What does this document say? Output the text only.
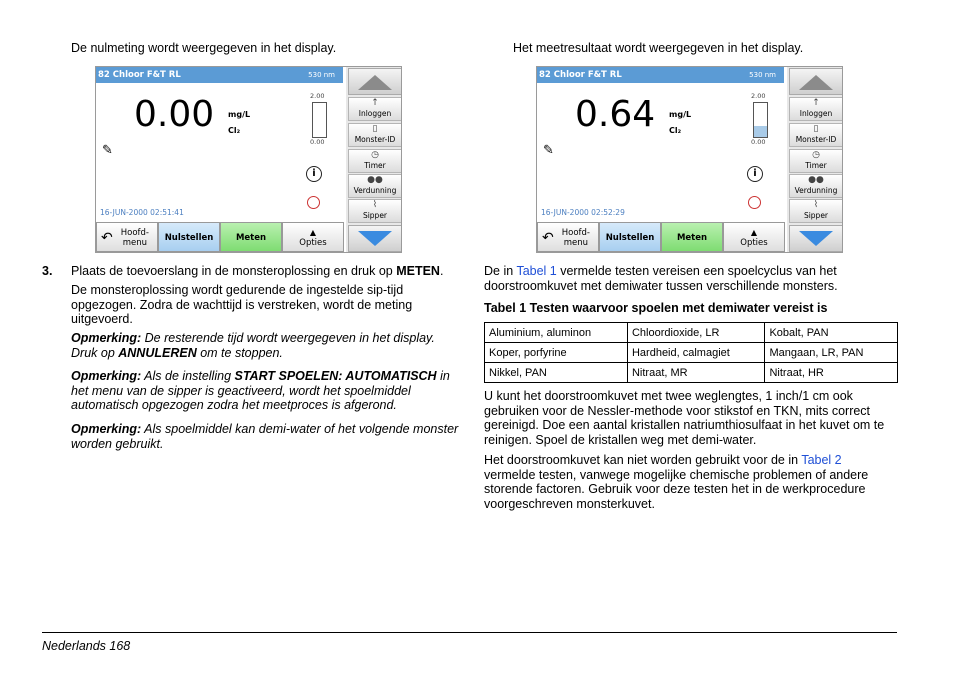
De nulmeting wordt weergegeven in het display.

82 Chloor F&T RL	530 nm
0.00 mg/L
Cl₂
2.00
0.00
✎
i
16-JUN-2000 02:51:41
↑
Inloggen
▯
Monster-ID
◷
Timer
●●
Verdunning
⌇
Sipper
↶ Hoofd-
menu	Nulstellen	Meten
▲
Opties

3. Plaats de toevoerslang in de monsteroplossing en druk op METEN.

De monsteroplossing wordt gedurende de ingestelde sip-tijd opgezogen. Zodra de wachttijd is verstreken, wordt de meting uitgevoerd.

Opmerking: De resterende tijd wordt weergegeven in het display. Druk op ANNULEREN om te stoppen.

Opmerking: Als de instelling START SPOELEN: AUTOMATISCH in het menu van de sipper is geactiveerd, wordt het spoelmiddel automatisch opgezogen zodra het meetproces is afgerond.

Opmerking: Als spoelmiddel kan demi-water of het volgende monster worden gebruikt.

Het meetresultaat wordt weergegeven in het display.

82 Chloor F&T RL	530 nm
0.64 mg/L
Cl₂
2.00
0.00
✎
i
16-JUN-2000 02:52:29
↑
Inloggen
▯
Monster-ID
◷
Timer
●●
Verdunning
⌇
Sipper
↶ Hoofd-
menu	Nulstellen	Meten
▲
Opties

De in Tabel 1 vermelde testen vereisen een spoelcyclus van het doorstroomkuvet met demiwater tussen verschillende monsters.

Tabel 1 Testen waarvoor spoelen met demiwater vereist is

Aluminium, aluminon	Chloordioxide, LR	Kobalt, PAN
Koper, porfyrine	Hardheid, calmagiet	Mangaan, LR, PAN
Nikkel, PAN	Nitraat, MR	Nitraat, HR

U kunt het doorstroomkuvet met twee weglengtes, 1 inch/1 cm ook gebruiken voor de Nessler-methode voor stikstof en TKN, mits correct gereinigd. Doe een aantal kristallen natriumthiosulfaat in het kuvet om te reinigen. Spoel de kristallen weg met demi-water.

Het doorstroomkuvet kan niet worden gebruikt voor de in Tabel 2 vermelde testen, vanwege mogelijke chemische problemen of andere storende factoren. Gebruik voor deze testen het in de werkprocedure voorgeschreven monsterkuvet.

Nederlands 168
